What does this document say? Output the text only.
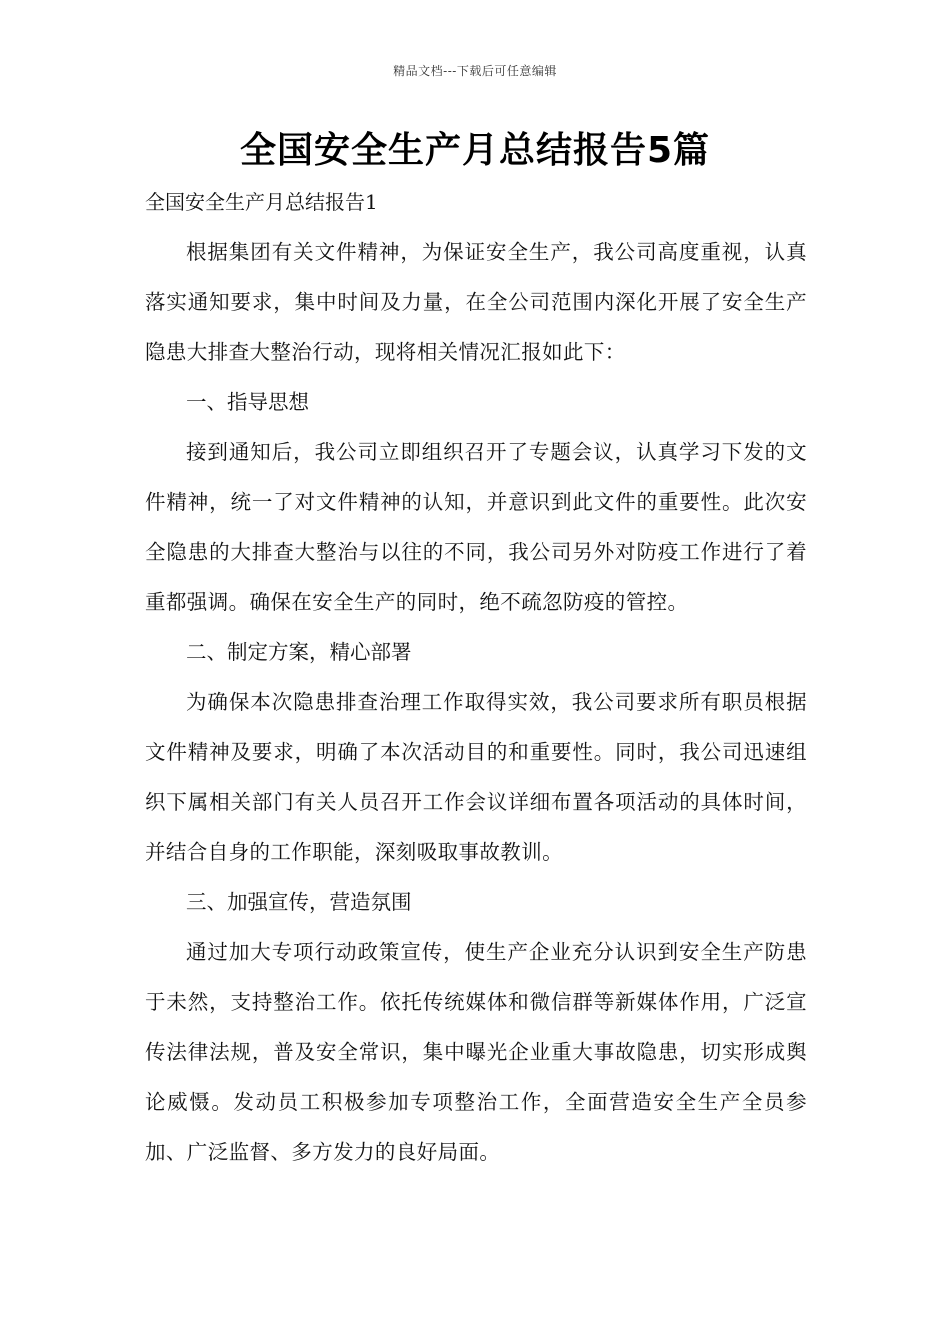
精品文档---下载后可任意编辑
全国安全生产月总结报告5篇

全国安全生产月总结报告1

根据集团有关文件精神，为保证安全生产，我公司高度重视，认真落实通知要求，集中时间及力量，在全公司范围内深化开展了安全生产隐患大排查大整治行动，现将相关情况汇报如此下：

一、指导思想

接到通知后，我公司立即组织召开了专题会议，认真学习下发的文件精神，统一了对文件精神的认知，并意识到此文件的重要性。此次安全隐患的大排查大整治与以往的不同，我公司另外对防疫工作进行了着重都强调。确保在安全生产的同时，绝不疏忽防疫的管控。

二、制定方案，精心部署

为确保本次隐患排查治理工作取得实效，我公司要求所有职员根据文件精神及要求，明确了本次活动目的和重要性。同时，我公司迅速组织下属相关部门有关人员召开工作会议详细布置各项活动的具体时间，并结合自身的工作职能，深刻吸取事故教训。

三、加强宣传，营造氛围

通过加大专项行动政策宣传，使生产企业充分认识到安全生产防患于未然，支持整治工作。依托传统媒体和微信群等新媒体作用，广泛宣传法律法规，普及安全常识，集中曝光企业重大事故隐患，切实形成舆论威慑。发动员工积极参加专项整治工作，全面营造安全生产全员参加、广泛监督、多方发力的良好局面。
